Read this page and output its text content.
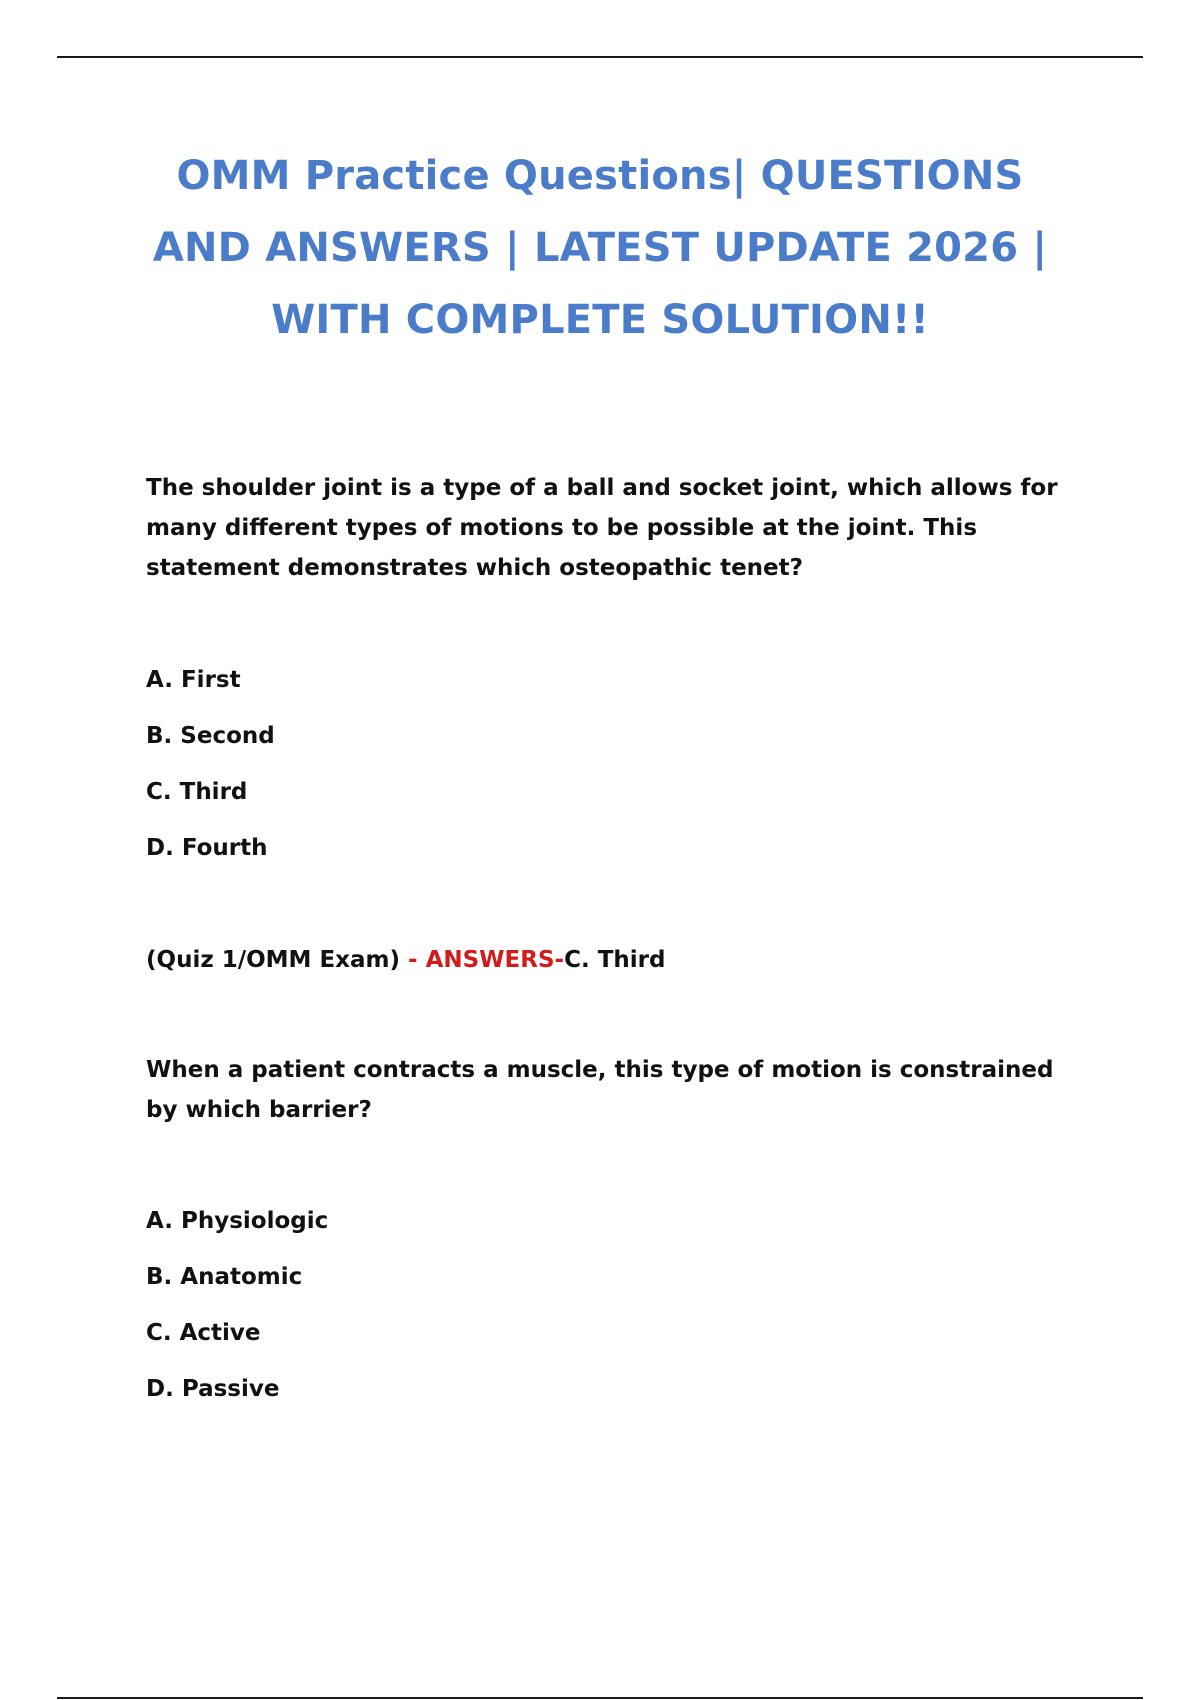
OMM Practice Questions| QUESTIONS
AND ANSWERS | LATEST UPDATE 2026 |
WITH COMPLETE SOLUTION!!

The shoulder joint is a type of a ball and socket joint, which allows for
many different types of motions to be possible at the joint. This
statement demonstrates which osteopathic tenet?

A. First
B. Second
C. Third
D. Fourth

(Quiz 1/OMM Exam) - ANSWERS-C. Third

When a patient contracts a muscle, this type of motion is constrained
by which barrier?

A. Physiologic
B. Anatomic
C. Active
D. Passive
